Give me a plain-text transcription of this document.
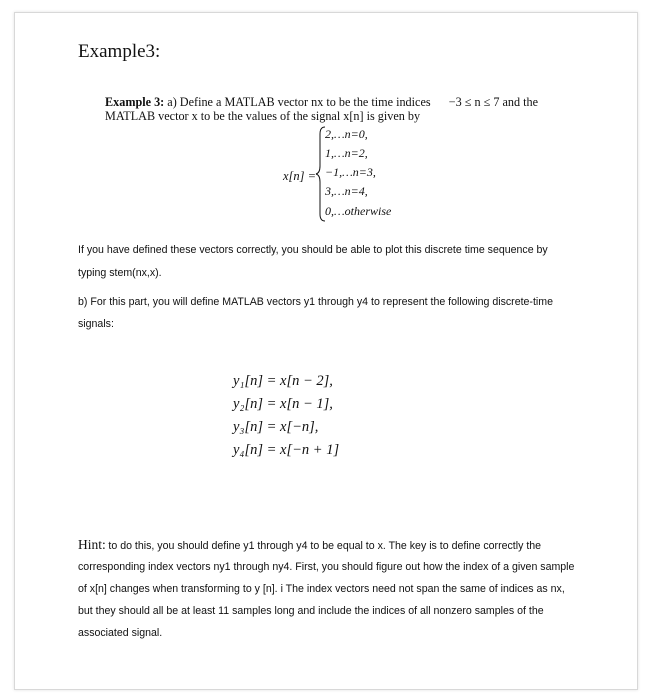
Example3:
Example 3: a) Define a MATLAB vector nx to be the time indices −3 ≤ n ≤ 7 and the
MATLAB vector x to be the values of the signal x[n] is given by
x[n] =
2,…n=0,
1,…n=2,
−1,…n=3,
3,…n=4,
0,…otherwise
If you have defined these vectors correctly, you should be able to plot this discrete time sequence by
typing stem(nx,x).
b) For this part, you will define MATLAB vectors y1 through y4 to represent the following discrete-time
signals:
y₁[n] = x[n − 2],
y₂[n] = x[n − 1],
y₃[n] = x[−n],
y₄[n] = x[−n + 1]
Hint: to do this, you should define y1 through y4 to be equal to x. The key is to define correctly the
corresponding index vectors ny1 through ny4. First, you should figure out how the index of a given sample
of x[n] changes when transforming to y [n]. i The index vectors need not span the same of indices as nx,
but they should all be at least 11 samples long and include the indices of all nonzero samples of the
associated signal.
